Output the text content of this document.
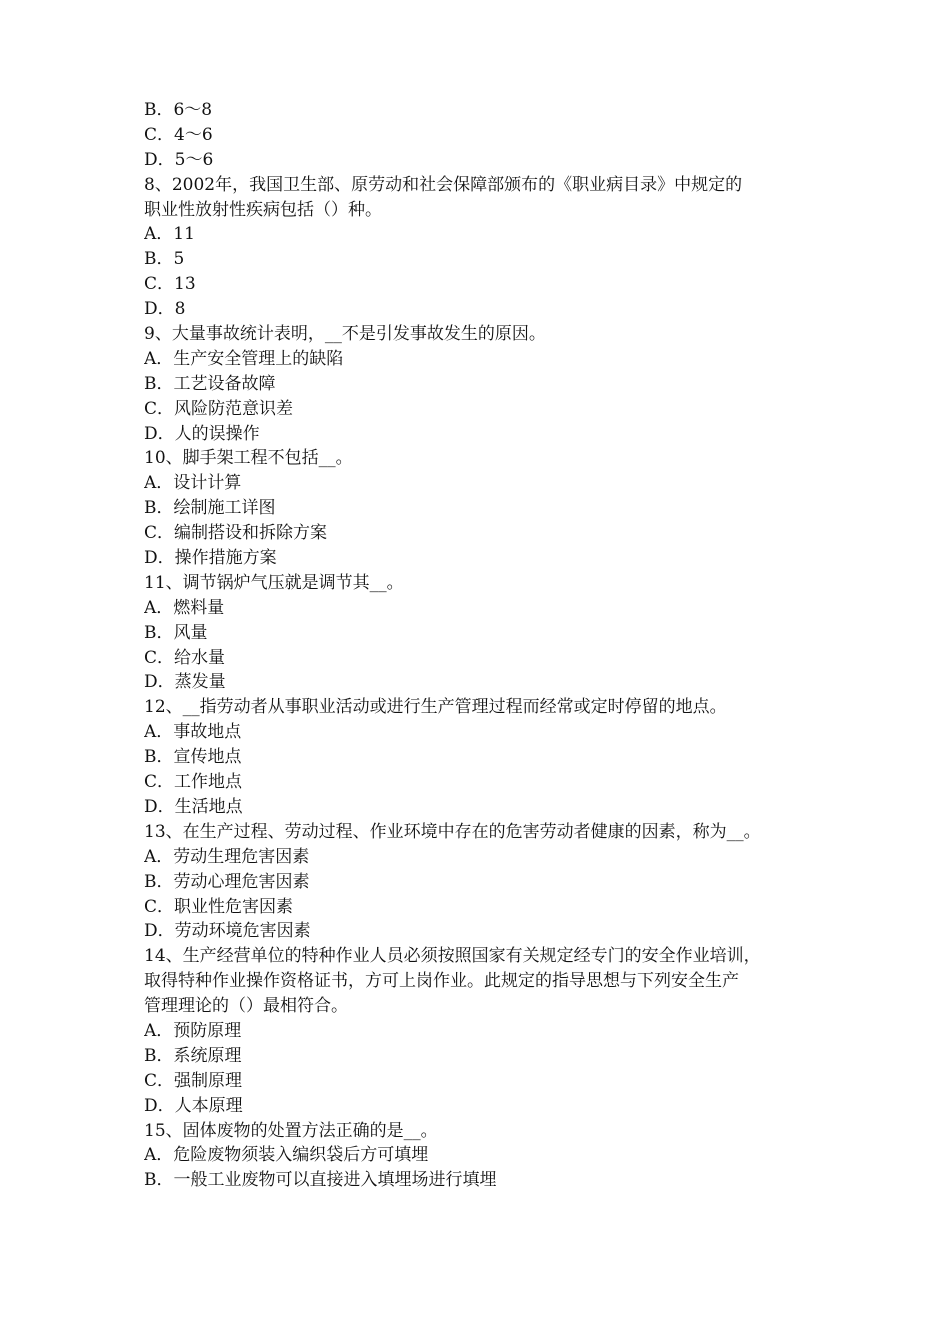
B．6～8
C．4～6
D．5～6
8、2002年，我国卫生部、原劳动和社会保障部颁布的《职业病目录》中规定的
职业性放射性疾病包括（）种。
A．11
B．5
C．13
D．8
9、大量事故统计表明，__不是引发事故发生的原因。
A．生产安全管理上的缺陷
B．工艺设备故障
C．风险防范意识差
D．人的误操作
10、脚手架工程不包括__。
A．设计计算
B．绘制施工详图
C．编制搭设和拆除方案
D．操作措施方案
11、调节锅炉气压就是调节其__。
A．燃料量
B．风量
C．给水量
D．蒸发量
12、__指劳动者从事职业活动或进行生产管理过程而经常或定时停留的地点。
A．事故地点
B．宣传地点
C．工作地点
D．生活地点
13、在生产过程、劳动过程、作业环境中存在的危害劳动者健康的因素，称为__。
A．劳动生理危害因素
B．劳动心理危害因素
C．职业性危害因素
D．劳动环境危害因素
14、生产经营单位的特种作业人员必须按照国家有关规定经专门的安全作业培训，
取得特种作业操作资格证书，方可上岗作业。此规定的指导思想与下列安全生产
管理理论的（）最相符合。
A．预防原理
B．系统原理
C．强制原理
D．人本原理
15、固体废物的处置方法正确的是__。
A．危险废物须装入编织袋后方可填埋
B．一般工业废物可以直接进入填埋场进行填埋
